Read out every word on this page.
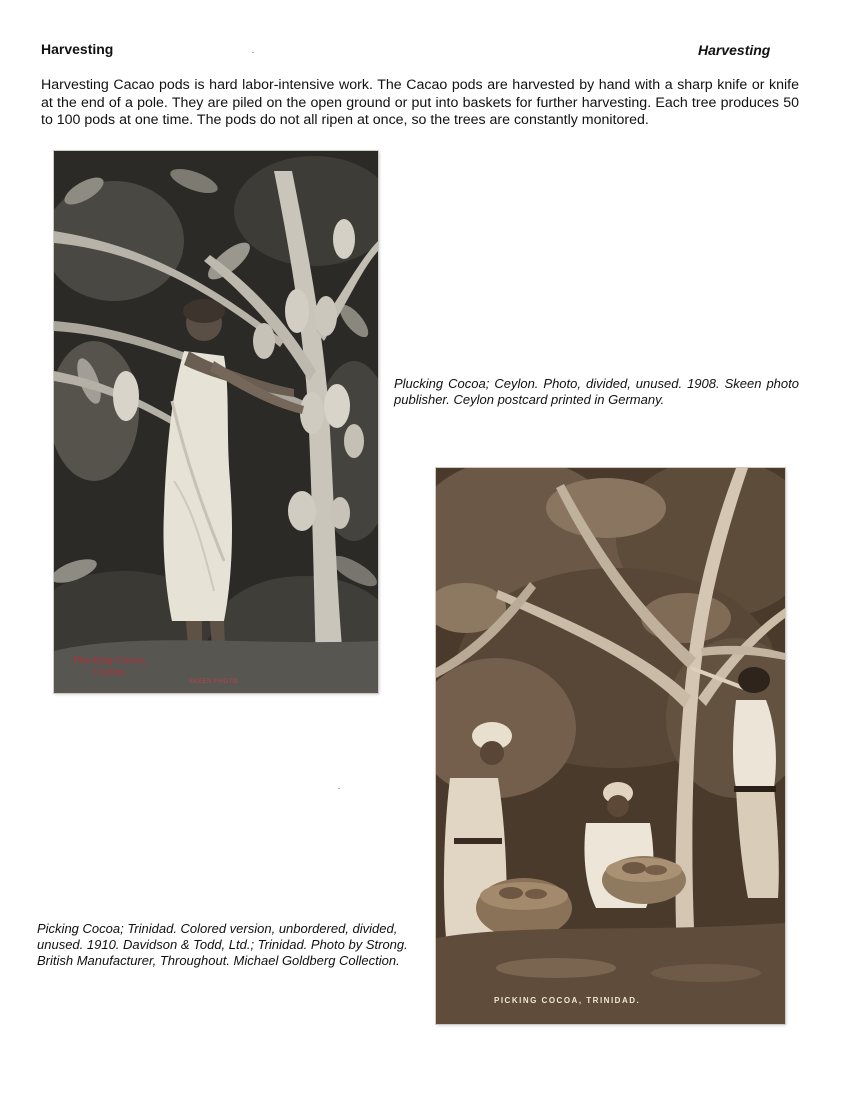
Harvesting	Harvesting
Harvesting Cacao pods is hard labor-intensive work. The Cacao pods are harvested by hand with a sharp knife or knife at the end of a pole. They are piled on the open ground or put into baskets for further harvesting. Each tree produces 50 to 100 pods at one time. The pods do not all ripen at once, so the trees are constantly monitored.
Plucking Cocoa,
Ceylon.
SKEEN PHOTO
Plucking Cocoa; Ceylon. Photo, divided, unused. 1908. Skeen photo publisher. Ceylon postcard printed in Germany.
PICKING COCOA, TRINIDAD.
Picking Cocoa; Trinidad. Colored version, unbordered, divided, unused. 1910. Davidson & Todd, Ltd.; Trinidad. Photo by Strong. British Manufacturer, Throughout. Michael Goldberg Collection.
